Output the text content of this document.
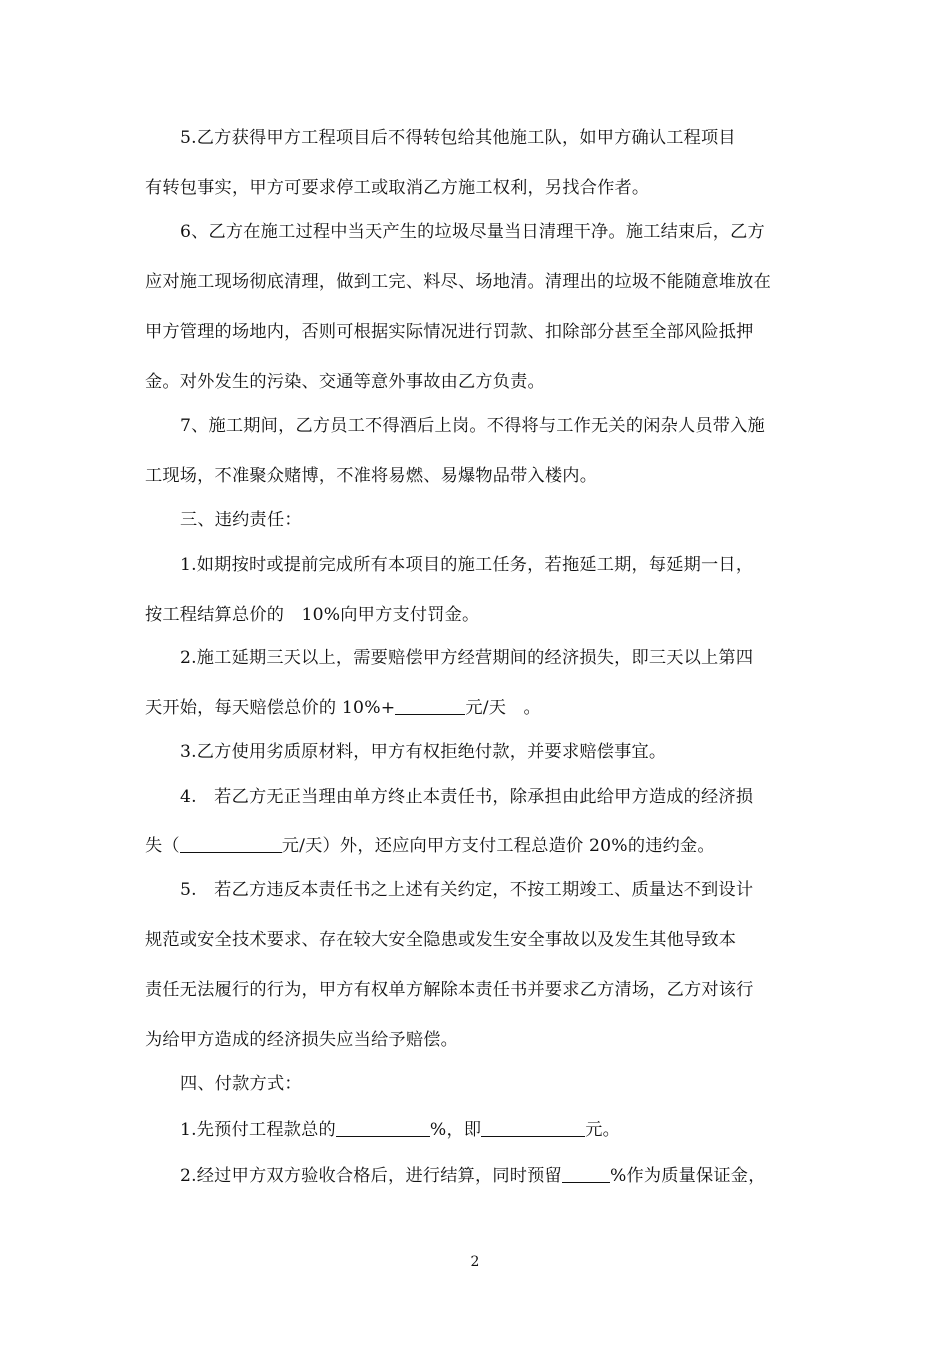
5.乙方获得甲方工程项目后不得转包给其他施工队，如甲方确认工程项目
有转包事实，甲方可要求停工或取消乙方施工权利，另找合作者。
6、乙方在施工过程中当天产生的垃圾尽量当日清理干净。施工结束后，乙方
应对施工现场彻底清理，做到工完、料尽、场地清。清理出的垃圾不能随意堆放在
甲方管理的场地内，否则可根据实际情况进行罚款、扣除部分甚至全部风险抵押
金。对外发生的污染、交通等意外事故由乙方负责。
7、施工期间，乙方员工不得酒后上岗。不得将与工作无关的闲杂人员带入施
工现场，不准聚众赌博，不准将易燃、易爆物品带入楼内。
三、违约责任：
1.如期按时或提前完成所有本项目的施工任务，若拖延工期，每延期一日，
按工程结算总价的　10%向甲方支付罚金。
2.施工延期三天以上，需要赔偿甲方经营期间的经济损失，即三天以上第四
天开始，每天赔偿总价的 10%+	元/天　。
3.乙方使用劣质原材料，甲方有权拒绝付款，并要求赔偿事宜。
4.　若乙方无正当理由单方终止本责任书，除承担由此给甲方造成的经济损
失（	元/天）外，还应向甲方支付工程总造价 20%的违约金。
5.　若乙方违反本责任书之上述有关约定，不按工期竣工、质量达不到设计
规范或安全技术要求、存在较大安全隐患或发生安全事故以及发生其他导致本
责任无法履行的行为，甲方有权单方解除本责任书并要求乙方清场，乙方对该行
为给甲方造成的经济损失应当给予赔偿。
四、付款方式：
1.先预付工程款总的	%，即	元。
2.经过甲方双方验收合格后，进行结算，同时预留	%作为质量保证金，
2
